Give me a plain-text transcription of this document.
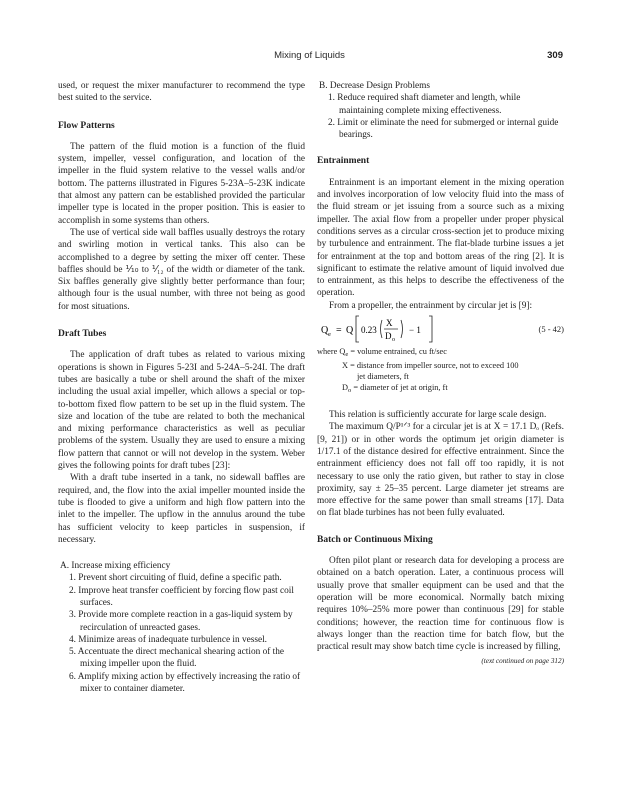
Mixing of Liquids	309

used, or request the mixer manufacturer to recommend the type best suited to the service.

Flow Patterns

The pattern of the fluid motion is a function of the fluid system, impeller, vessel configuration, and location of the impeller in the fluid system relative to the vessel walls and/or bottom. The patterns illustrated in Figures 5-23A–5-23K indicate that almost any pattern can be established provided the particular impeller type is located in the proper position. This is easier to accomplish in some systems than others.

The use of vertical side wall baffles usually destroys the rotary and swirling motion in vertical tanks. This also can be accomplished to a degree by setting the mixer off center. These baffles should be ⅒ to ⅟₁₂ of the width or diameter of the tank. Six baffles generally give slightly better performance than four; although four is the usual number, with three not being as good for most situations.

Draft Tubes

The application of draft tubes as related to various mixing operations is shown in Figures 5-23I and 5-24A–5-24I. The draft tubes are basically a tube or shell around the shaft of the mixer including the usual axial impeller, which allows a special or top-to-bottom fixed flow pattern to be set up in the fluid system. The size and location of the tube are related to both the mechanical and mixing performance characteristics as well as peculiar problems of the system. Usually they are used to ensure a mixing flow pattern that cannot or will not develop in the system. Weber gives the following points for draft tubes [23]:

With a draft tube inserted in a tank, no sidewall baffles are required, and, the flow into the axial impeller mounted inside the tube is flooded to give a uniform and high flow pattern into the inlet to the impeller. The upflow in the annulus around the tube has sufficient velocity to keep particles in suspension, if necessary.

A. Increase mixing efficiency

1. Prevent short circuiting of fluid, define a specific path.

2. Improve heat transfer coefficient by forcing flow past coil surfaces.

3. Provide more complete reaction in a gas-liquid system by recirculation of unreacted gases.

4. Minimize areas of inadequate turbulence in vessel.

5. Accentuate the direct mechanical shearing action of the mixing impeller upon the fluid.

6. Amplify mixing action by effectively increasing the ratio of mixer to container diameter.

B. Decrease Design Problems

1. Reduce required shaft diameter and length, while maintaining complete mixing effectiveness.

2. Limit or eliminate the need for submerged or internal guide bearings.

Entrainment

Entrainment is an important element in the mixing operation and involves incorporation of low velocity fluid into the mass of the fluid stream or jet issuing from a source such as a mixing impeller. The axial flow from a propeller under proper physical conditions serves as a circular cross-section jet to produce mixing by turbulence and entrainment. The flat-blade turbine issues a jet for entrainment at the top and bottom areas of the ring [2]. It is significant to estimate the relative amount of liquid involved due to entrainment, as this helps to describe the effectiveness of the operation.

From a propeller, the entrainment by circular jet is [9]:

Q e = Q 0.23
X
D o
− 1	(5 - 42)

where $Q_e$ = volume entrained, cu ft/sec

X = distance from impeller source, not to exceed 100

jet diameters, ft

$D_o$ = diameter of jet at origin, ft

This relation is sufficiently accurate for large scale design.

The maximum Q/P¹ᐟ³ for a circular jet is at X = 17.1 Dₒ (Refs. [9, 21]) or in other words the optimum jet origin diameter is 1/17.1 of the distance desired for effective entrainment. Since the entrainment efficiency does not fall off too rapidly, it is not necessary to use only the ratio given, but rather to stay in close proximity, say ± 25–35 percent. Large diameter jet streams are more effective for the same power than small streams [17]. Data on flat blade turbines has not been fully evaluated.

Batch or Continuous Mixing

Often pilot plant or research data for developing a process are obtained on a batch operation. Later, a continuous process will usually prove that smaller equipment can be used and that the operation will be more economical. Normally batch mixing requires 10%–25% more power than continuous [29] for stable conditions; however, the reaction time for continuous flow is always longer than the reaction time for batch flow, but the practical result may show batch time cycle is increased by filling,

(text continued on page 312)
